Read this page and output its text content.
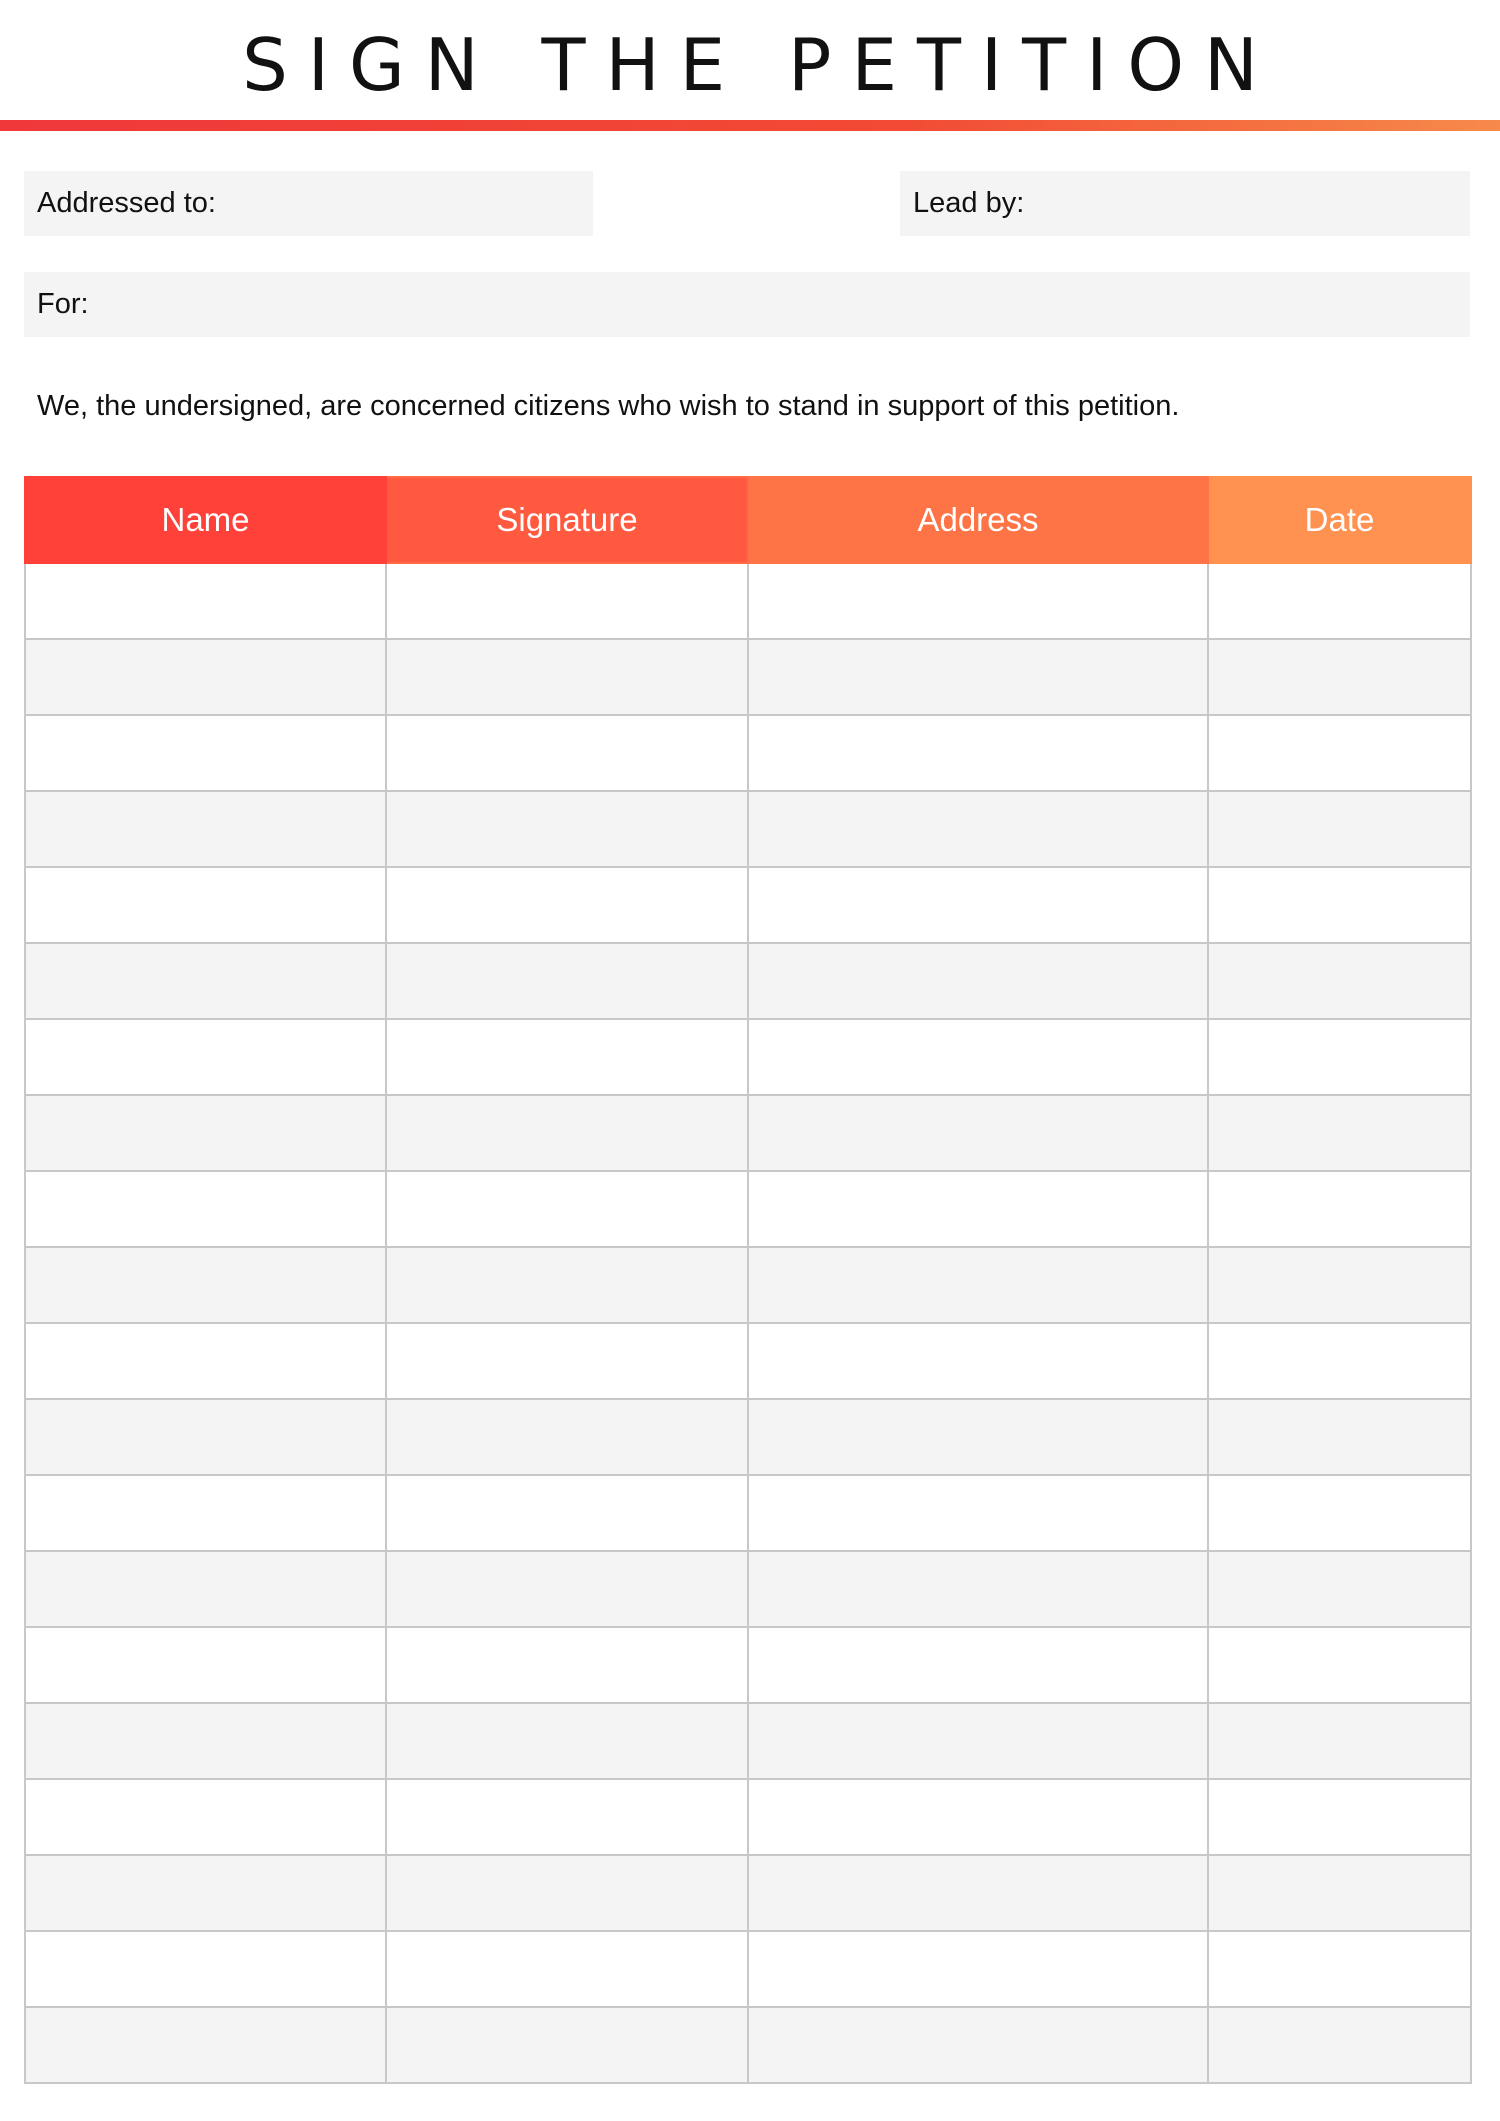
SIGN THE PETITION
Addressed to:	Lead by:
For:
We, the undersigned, are concerned citizens who wish to stand in support of this petition.
Name	Signature	Address	Date
